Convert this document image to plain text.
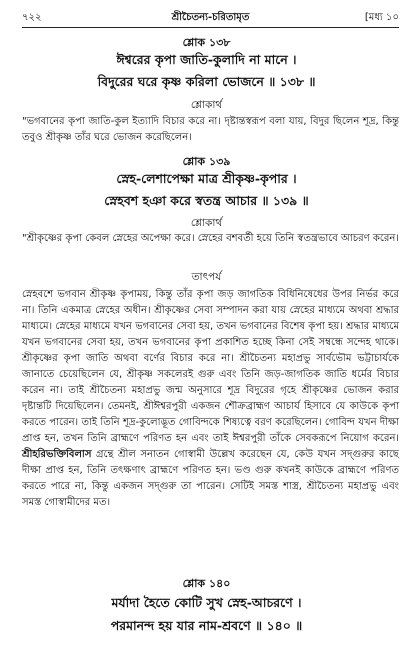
৭২২	শ্রীচৈতন্য-চরিতামৃত	[মধ্য ১০
শ্লোক ১৩৮
ঈশ্বরের কৃপা জাতি-কুলাদি না মানে ।
বিদুরের ঘরে কৃষ্ণ করিলা ভোজনে ॥ ১৩৮ ॥
শ্লোকার্থ
"ভগবানের কৃপা জাতি-কুল ইত্যাদি বিচার করে না। দৃষ্টান্তস্বরূপ বলা যায়, বিদুর ছিলেন শূদ্র, কিন্তু তবুও শ্রীকৃষ্ণ তাঁর ঘরে ভোজন করেছিলেন।
শ্লোক ১৩৯
স্নেহ-লেশাপেক্ষা মাত্র শ্রীকৃষ্ণ-কৃপার ।
স্নেহবশ হঞা করে স্বতন্ত্র আচার ॥ ১৩৯ ॥
শ্লোকার্থ
"শ্রীকৃষ্ণের কৃপা কেবল স্নেহের অপেক্ষা করে। স্নেহের বশবর্তী হয়ে তিনি স্বতন্ত্রভাবে আচরণ করেন।
তাৎপর্য
স্নেহবশে ভগবান শ্রীকৃষ্ণ কৃপাময়, কিন্তু তাঁর কৃপা জড় জাগতিক বিধিনিষেধের উপর নির্ভর করে না। তিনি একমাত্র স্নেহের অধীন। শ্রীকৃষ্ণের সেবা সম্পাদন করা যায় স্নেহের মাধ্যমে অথবা শ্রদ্ধার মাধ্যমে। স্নেহের মাধ্যমে যখন ভগবানের সেবা হয়, তখন ভগবানের বিশেষ কৃপা হয়। শ্রদ্ধার মাধ্যমে যখন ভগবানের সেবা হয়, তখন ভগবানের কৃপা প্রকাশিত হচ্ছে কিনা সেই সম্বন্ধে সন্দেহ থাকে। শ্রীকৃষ্ণের কৃপা জাতি অথবা বর্ণের বিচার করে না। শ্রীচৈতন্য মহাপ্রভু সার্বভৌম ভট্টাচার্যকে জানাতে চেয়েছিলেন যে, শ্রীকৃষ্ণ সকলেরই গুরু এবং তিনি জড়-জাগতিক জাতি ধর্মের বিচার করেন না। তাই শ্রীচৈতন্য মহাপ্রভু জন্ম অনুসারে শূদ্র বিদুরের গৃহে শ্রীকৃষ্ণের ভোজন করার দৃষ্টান্তটি দিয়েছিলেন। তেমনই, শ্রীঈশ্বরপুরী একজন শৌক্রব্রাহ্মণ আচার্য হিসাবে যে কাউকে কৃপা করতে পারেন। তাই তিনি শূদ্র-কুলোদ্ভূত গোবিন্দকে শিষ্যত্বে বরণ করেছিলেন। গোবিন্দ যখন দীক্ষা প্রাপ্ত হন, তখন তিনি ব্রাহ্মণে পরিণত হন এবং তাই ঈশ্বরপুরী তাঁকে সেবকরূপে নিয়োগ করেন। শ্রীহরিভক্তিবিলাস গ্রন্থে শ্রীল সনাতন গোস্বামী উল্লেখ করেছেন যে, কেউ যখন সদ্‌গুরুর কাছে দীক্ষা প্রাপ্ত হন, তিনি তৎক্ষণাৎ ব্রাহ্মণে পরিণত হন। ভণ্ড গুরু কখনই কাউকে ব্রাহ্মণে পরিণত করতে পারে না, কিন্তু একজন সদ্‌গুরু তা পারেন। সেটিই সমস্ত শাস্ত্র, শ্রীচৈতন্য মহাপ্রভু এবং সমস্ত গোস্বামীদের মত।
শ্লোক ১৪০
মর্যাদা হৈতে কোটি সুখ স্নেহ-আচরণে ।
পরমানন্দ হয় যার নাম-শ্রবণে ॥ ১৪০ ॥
